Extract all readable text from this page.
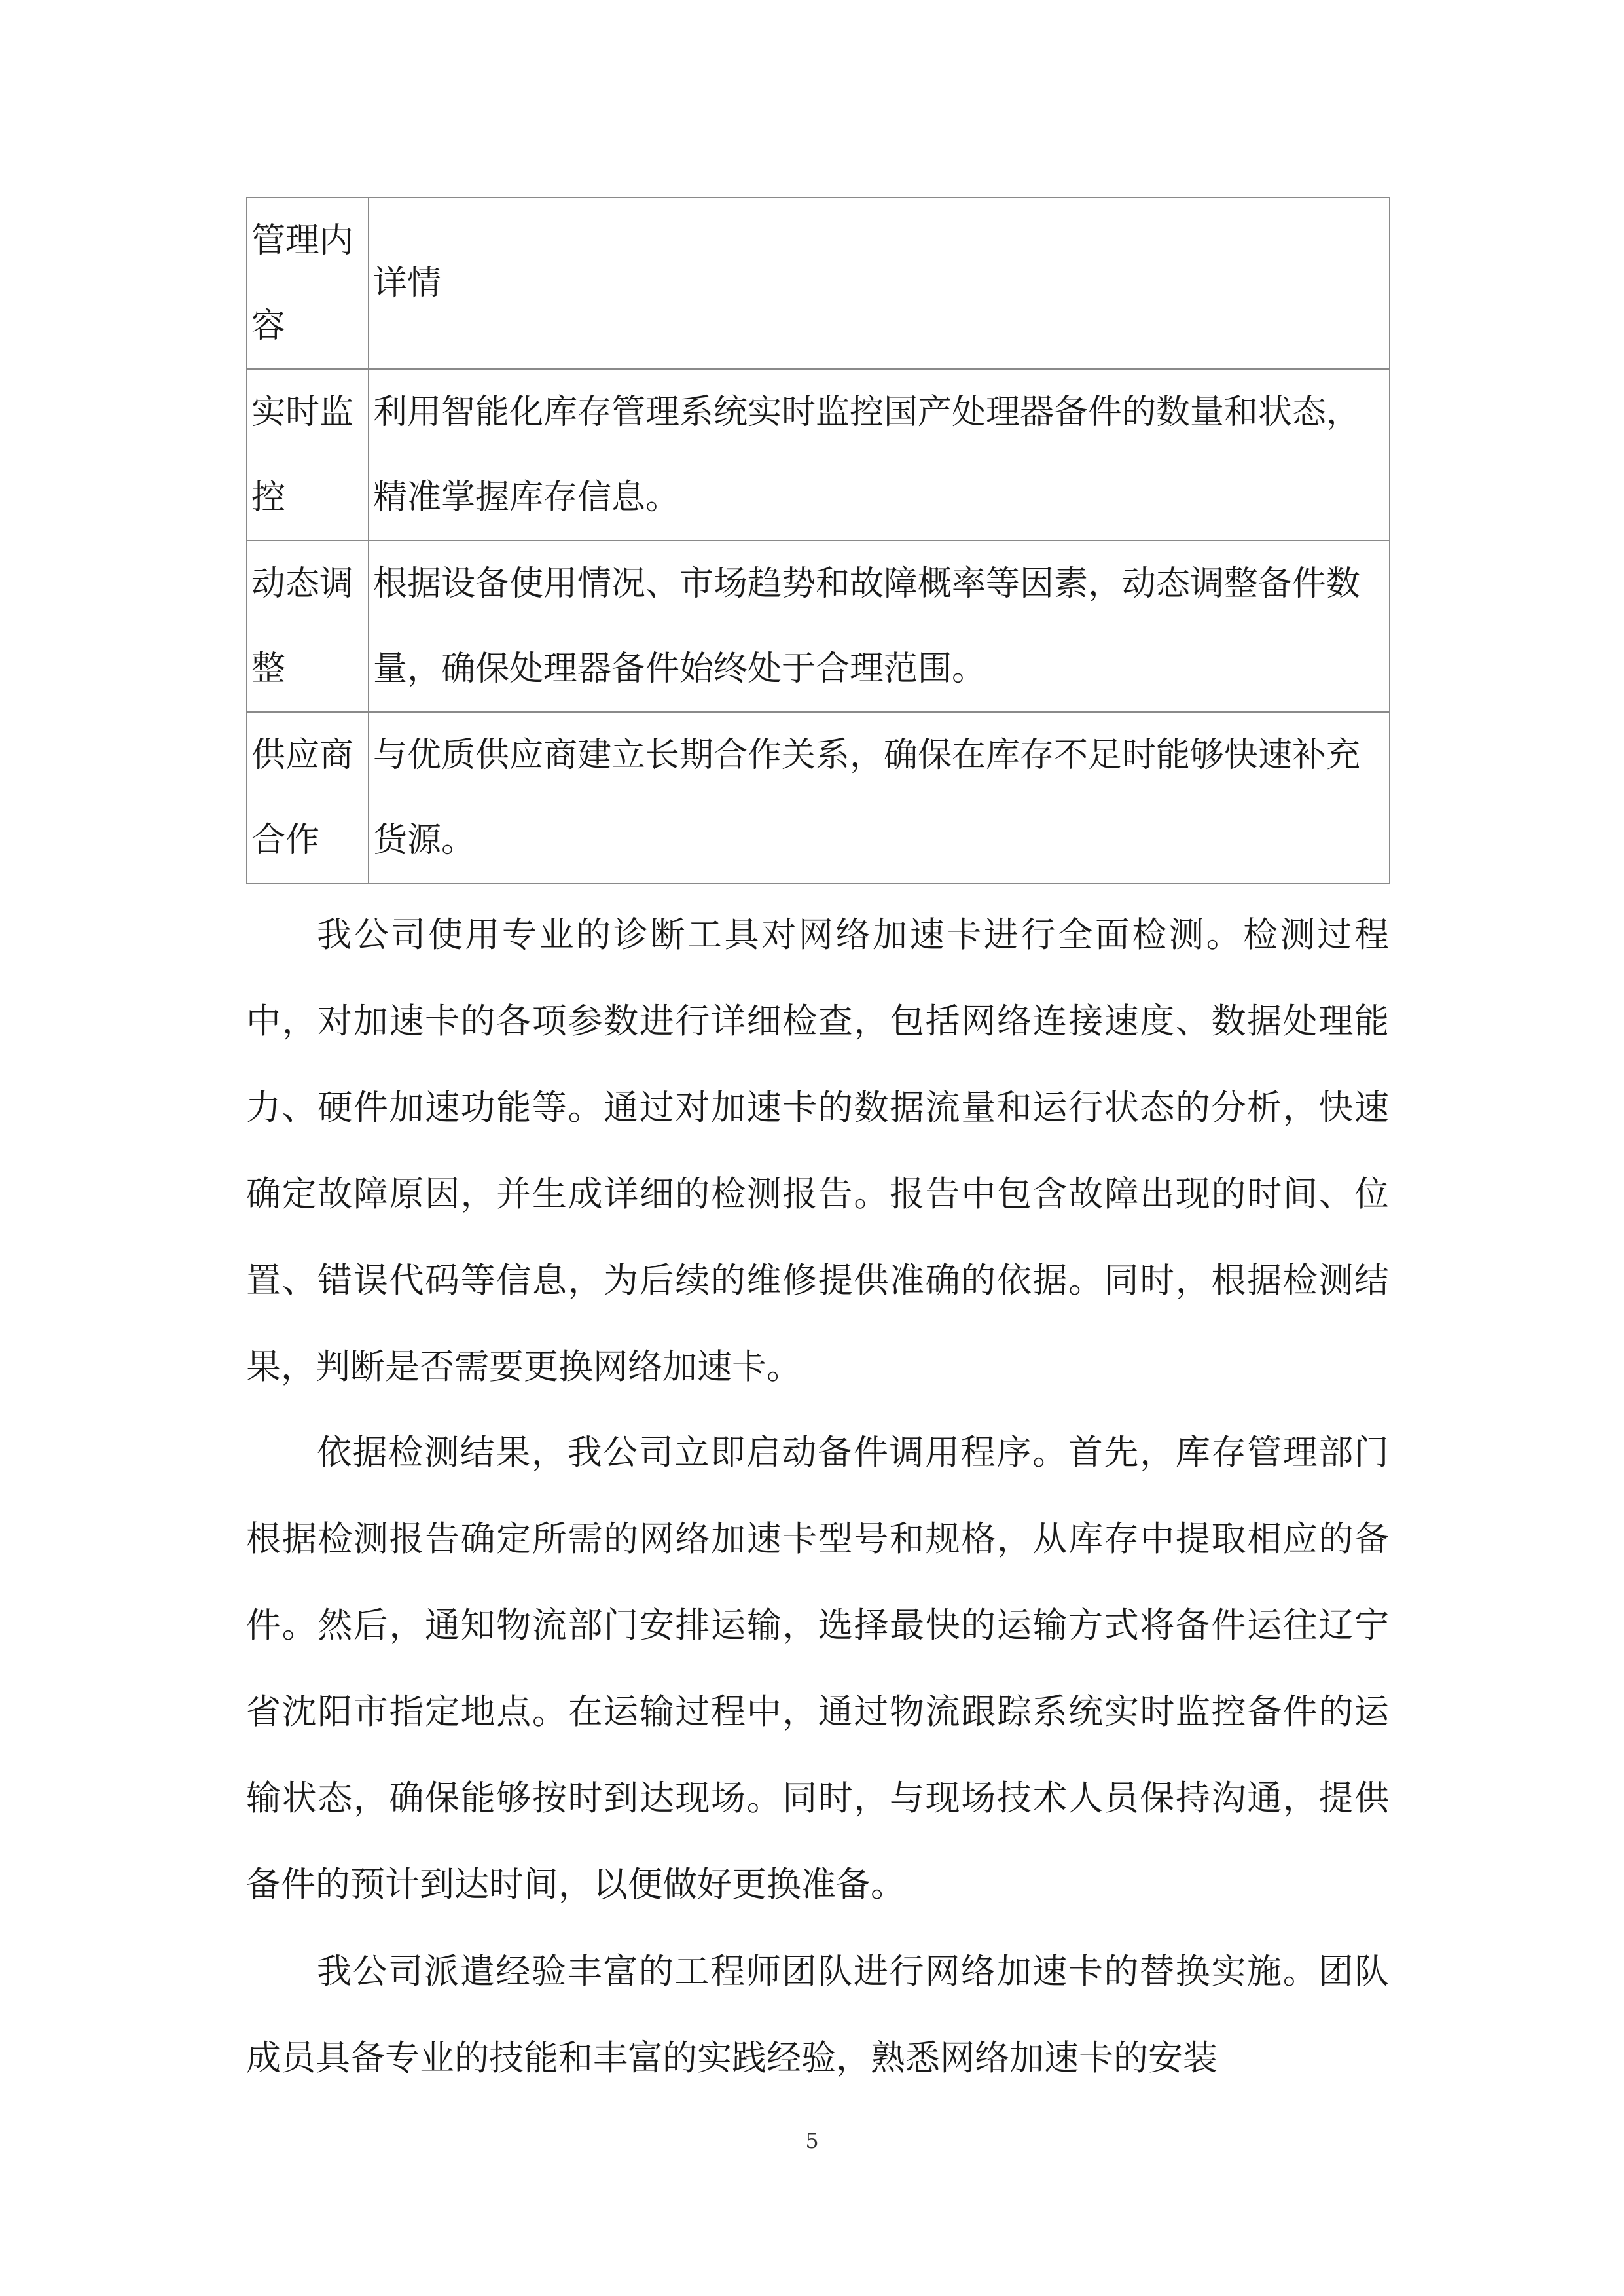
管理内容	详情
实时监控	利用智能化库存管理系统实时监控国产处理器备件的数量和状态，精准掌握库存信息。
动态调整	根据设备使用情况、市场趋势和故障概率等因素，动态调整备件数量，确保处理器备件始终处于合理范围。
供应商合作	与优质供应商建立长期合作关系，确保在库存不足时能够快速补充货源。

我公司使用专业的诊断工具对网络加速卡进行全面检测。检测过程中，对加速卡的各项参数进行详细检查，包括网络连接速度、数据处理能力、硬件加速功能等。通过对加速卡的数据流量和运行状态的分析，快速确定故障原因，并生成详细的检测报告。报告中包含故障出现的时间、位置、错误代码等信息，为后续的维修提供准确的依据。同时，根据检测结果，判断是否需要更换网络加速卡。

依据检测结果，我公司立即启动备件调用程序。首先，库存管理部门根据检测报告确定所需的网络加速卡型号和规格，从库存中提取相应的备件。然后，通知物流部门安排运输，选择最快的运输方式将备件运往辽宁省沈阳市指定地点。在运输过程中，通过物流跟踪系统实时监控备件的运输状态，确保能够按时到达现场。同时，与现场技术人员保持沟通，提供备件的预计到达时间，以便做好更换准备。

我公司派遣经验丰富的工程师团队进行网络加速卡的替换实施。团队成员具备专业的技能和丰富的实践经验，熟悉网络加速卡的安装

5
